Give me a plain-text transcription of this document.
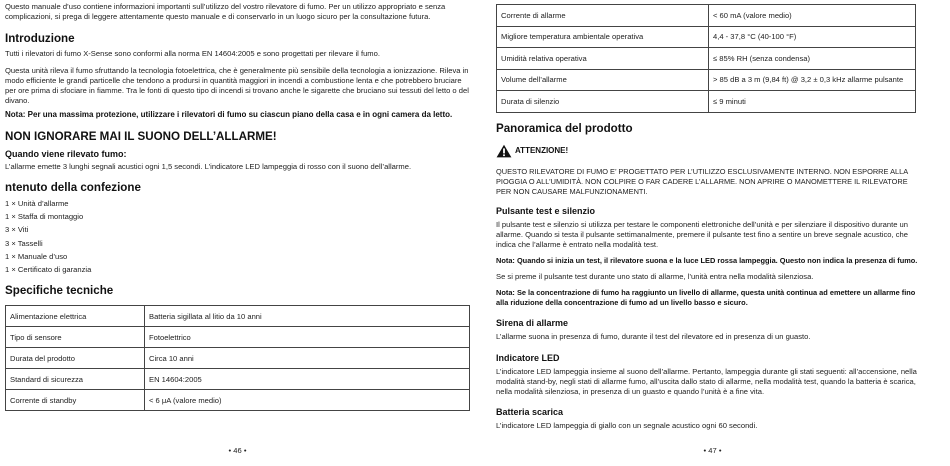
Questo manuale d’uso contiene informazioni importanti sull’utilizzo del vostro rilevatore di fumo. Per un utilizzo appropriato e senza complicazioni, si prega di leggere attentamente questo manuale e di conservarlo in un luogo sicuro per la consultazione futura.

Introduzione

Tutti i rilevatori di fumo X-Sense sono conformi alla norma EN 14604:2005 e sono progettati per rilevare il fumo.

Questa unità rileva il fumo sfruttando la tecnologia fotoelettrica, che è generalmente più sensibile della tecnologia a ionizzazione. Rileva in modo efficiente le grandi particelle che tendono a prodursi in quantità maggiori in incendi a combustione lenta e che potrebbero bruciare per ore prima di sfociare in fiamme. Tra le fonti di questo tipo di incendi si trovano anche le sigarette che bruciano sui tessuti del letto o del divano.

Nota: Per una massima protezione, utilizzare i rilevatori di fumo su ciascun piano della casa e in ogni camera da letto.

NON IGNORARE MAI IL SUONO DELL’ALLARME!
Quando viene rilevato fumo:

L’allarme emette 3 lunghi segnali acustici ogni 1,5 secondi. L’indicatore LED lampeggia di rosso con il suono dell’allarme.

ntenuto della confezione

1 × Unità d’allarme

1 × Staffa di montaggio

3 × Viti

3 × Tasselli

1 × Manuale d’uso

1 × Certificato di garanzia

Specifiche tecniche
Alimentazione elettrica	Batteria sigillata al litio da 10 anni
Tipo di sensore	Fotoelettrico
Durata del prodotto	Circa 10 anni
Standard di sicurezza	EN 14604:2005
Corrente di standby	< 6 μA (valore medio)
• 46 •
Corrente di allarme	< 60 mA (valore medio)
Migliore temperatura ambientale operativa	4,4 - 37,8 °C (40-100 °F)
Umidità relativa operativa	≤ 85% RH (senza condensa)
Volume dell’allarme	> 85 dB a 3 m (9,84 ft) @ 3,2 ± 0,3 kHz allarme pulsante
Durata di silenzio	≤ 9 minuti
Panoramica del prodotto
ATTENZIONE!

QUESTO RILEVATORE DI FUMO E’ PROGETTATO PER L’UTILIZZO ESCLUSIVAMENTE INTERNO. NON ESPORRE ALLA PIOGGIA O ALL’UMIDITÀ. NON COLPIRE O FAR CADERE L’ALLARME. NON APRIRE O MANOMETTERE IL RILEVATORE PER NON CAUSARE MALFUNZIONAMENTI.

Pulsante test e silenzio

Il pulsante test e silenzio si utilizza per testare le componenti elettroniche dell’unità e per silenziare il dispositivo durante un allarme. Quando si testa il pulsante settimanalmente, premere il pulsante test fino a sentire un breve segnale acustico, che indica che l’allarme è entrato nella modalità test.

Nota: Quando si inizia un test, il rilevatore suona e la luce LED rossa lampeggia. Questo non indica la presenza di fumo.

Se si preme il pulsante test durante uno stato di allarme, l’unità entra nella modalità silenziosa.

Nota: Se la concentrazione di fumo ha raggiunto un livello di allarme, questa unità continua ad emettere un allarme fino alla riduzione della concentrazione di fumo ad un livello basso e sicuro.

Sirena di allarme

L’allarme suona in presenza di fumo, durante il test del rilevatore ed in presenza di un guasto.

Indicatore LED

L’indicatore LED lampeggia insieme al suono dell’allarme. Pertanto, lampeggia durante gli stati seguenti: all’accensione, nella modalità stand-by, negli stati di allarme fumo, all’uscita dallo stato di allarme, nella modalità test, quando la batteria è scarica, nella modalità silenziosa, in presenza di un guasto e quando l’unità è a fine vita.

Batteria scarica

L’indicatore LED lampeggia di giallo con un segnale acustico ogni 60 secondi.

• 47 •
